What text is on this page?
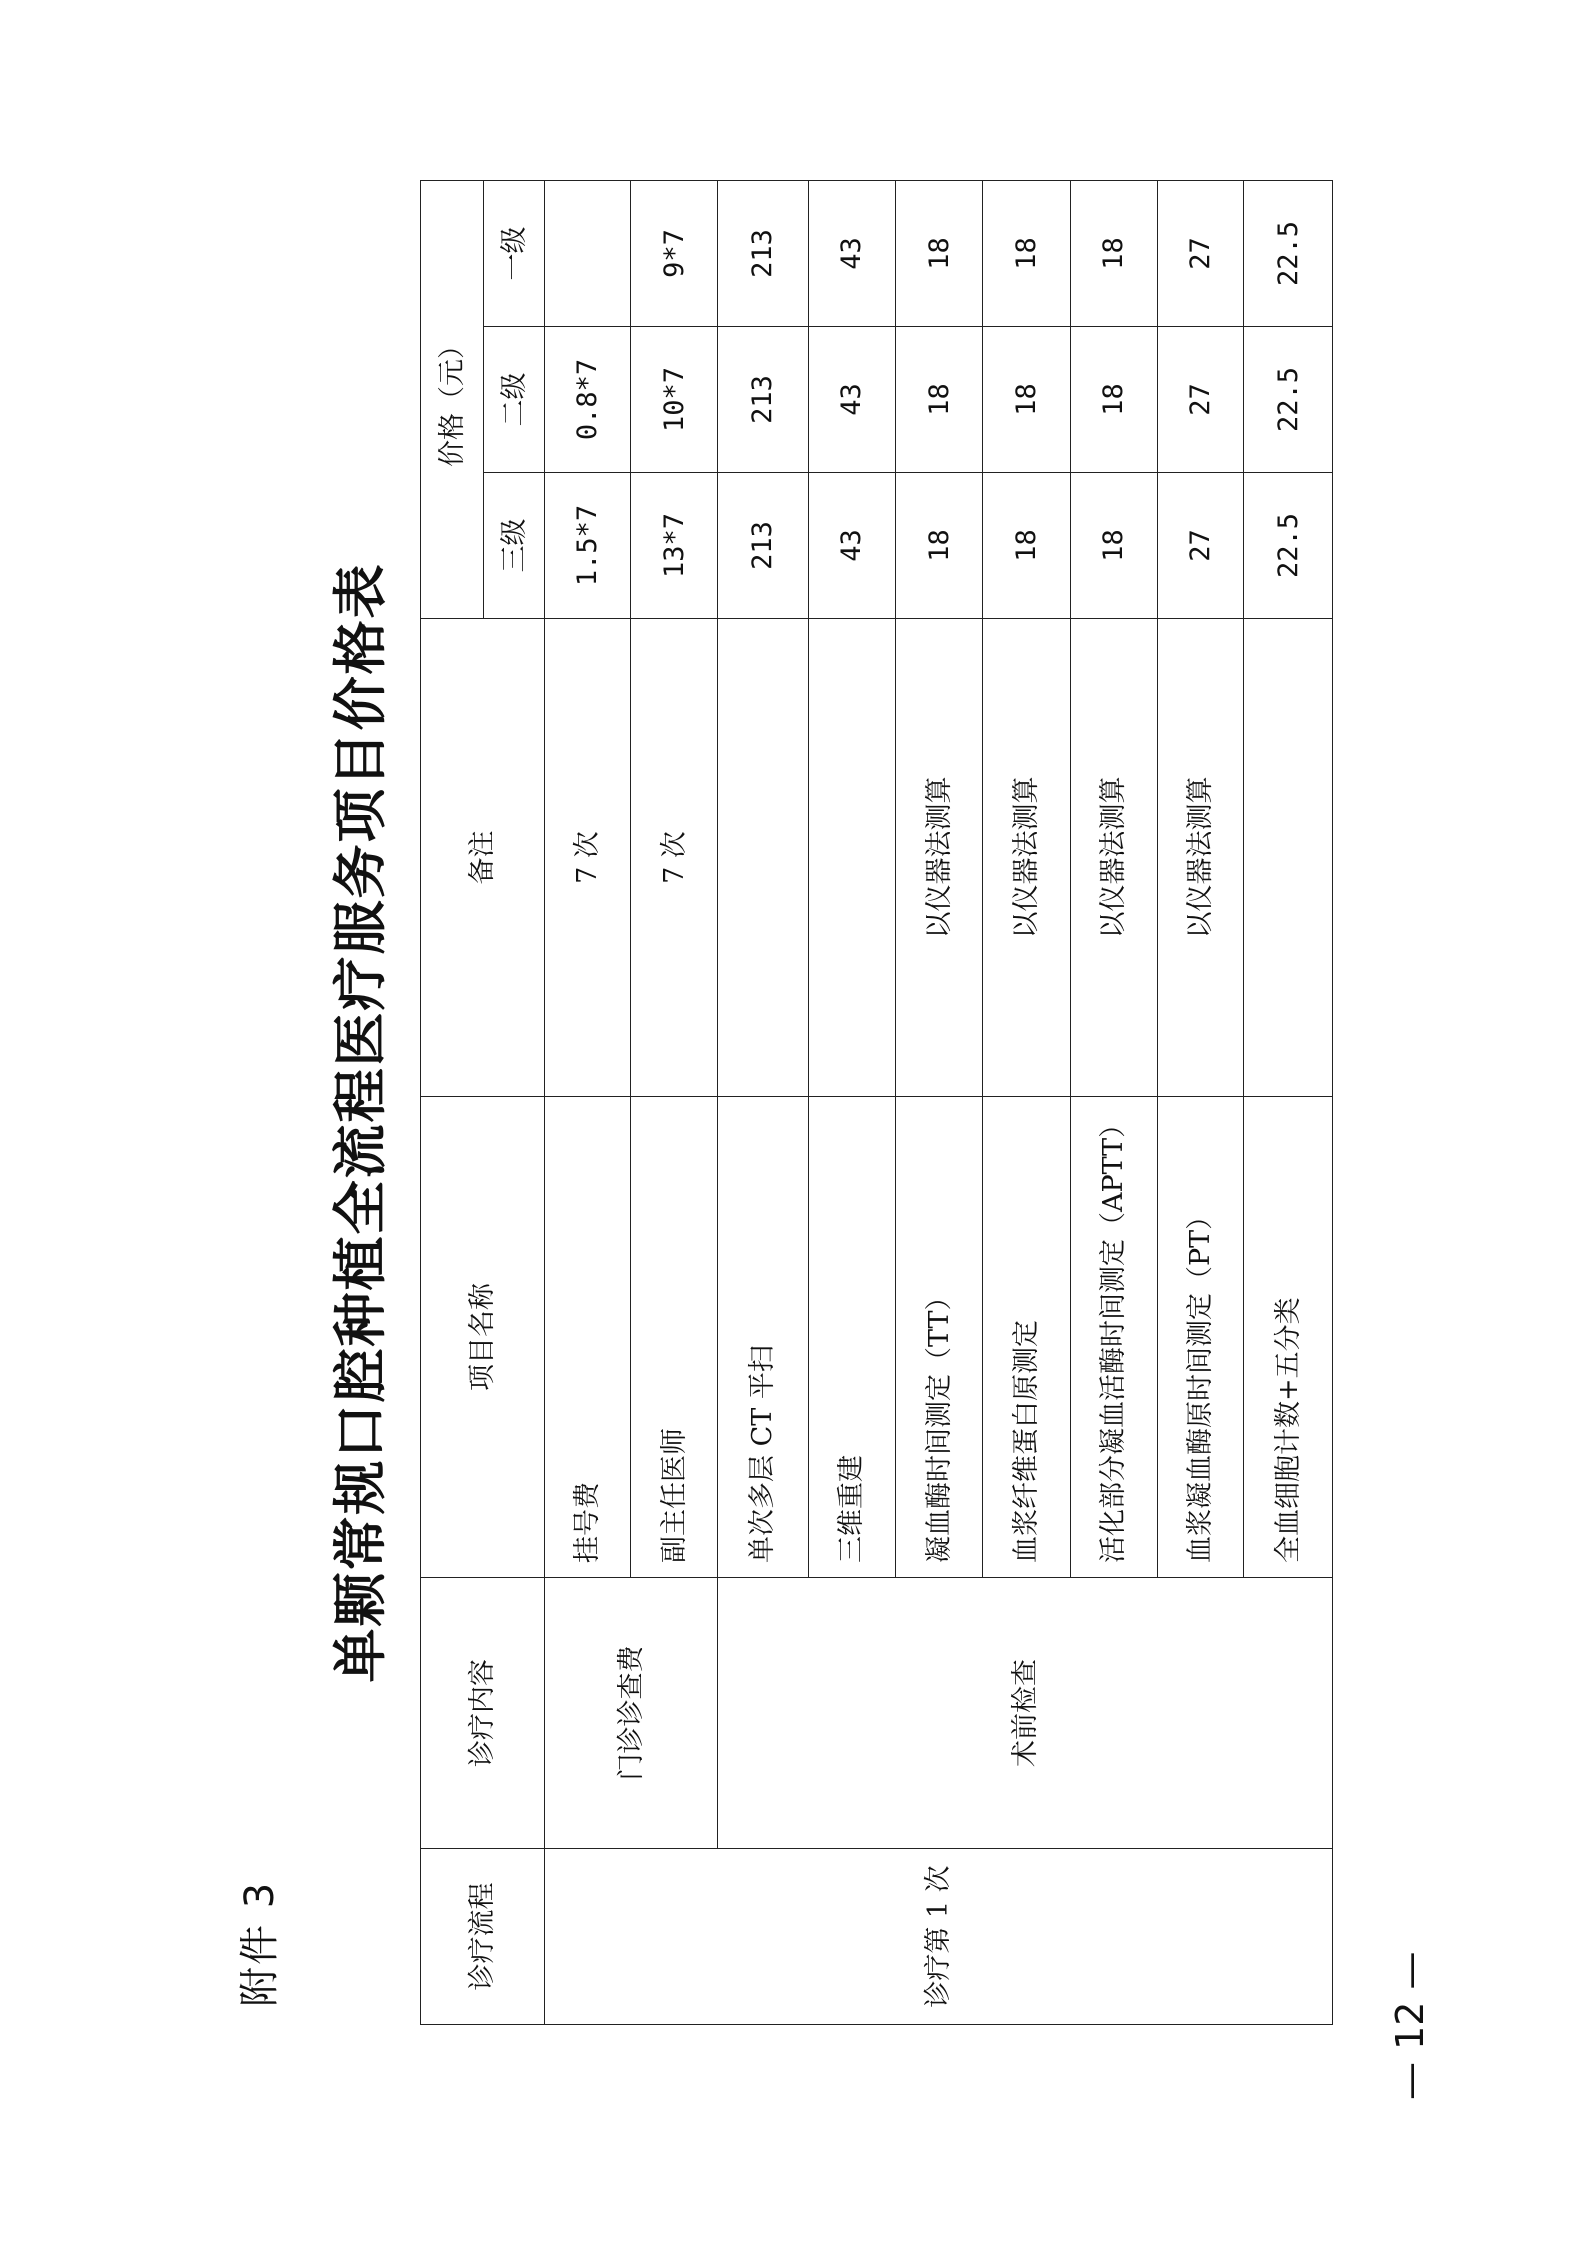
附件 3
单颗常规口腔种植全流程医疗服务项目价格表
诊疗流程	诊疗内容	项目名称	备注	价格（元）		
				三级	二级	一级
诊疗第 1 次	门诊诊查费	挂号费	7 次	1.5*7	0.8*7	
		副主任医师	7 次	13*7	10*7	9*7
	术前检查	单次多层 CT 平扫		213	213	213
		三维重建		43	43	43
		凝血酶时间测定（TT）	以仪器法测算	18	18	18
		血浆纤维蛋白原测定	以仪器法测算	18	18	18
		活化部分凝血活酶时间测定（APTT）	以仪器法测算	18	18	18
		血浆凝血酶原时间测定（PT）	以仪器法测算	27	27	27
		全血细胞计数+五分类		22.5	22.5	22.5
— 12 —
